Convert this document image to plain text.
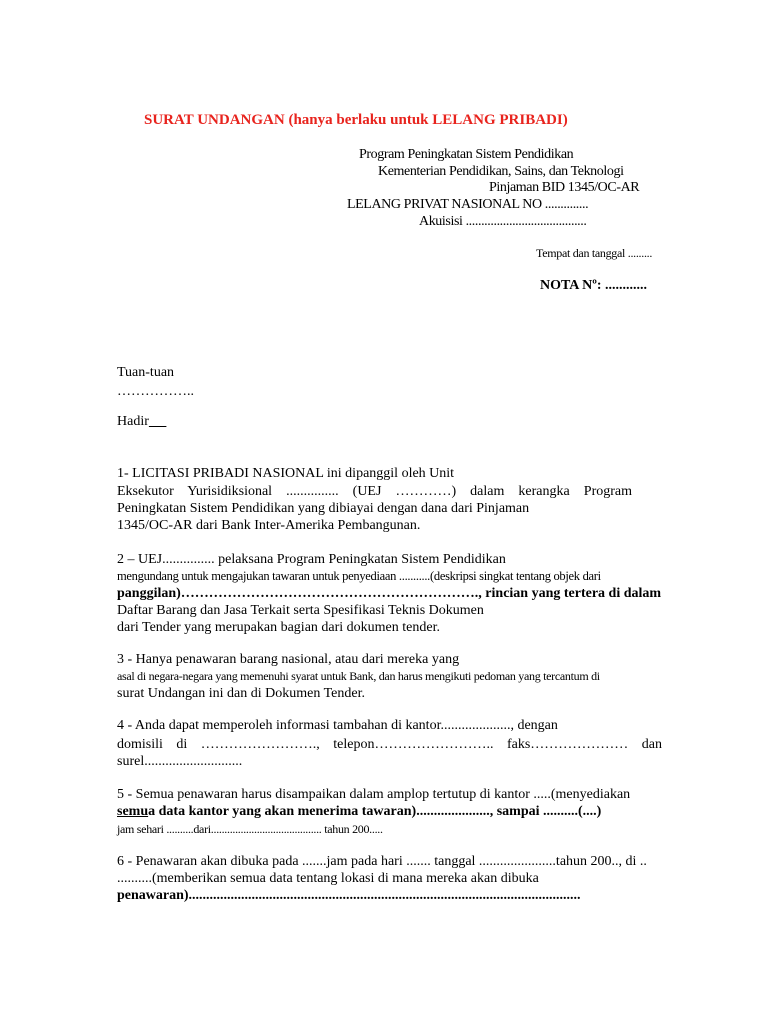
SURAT UNDANGAN (hanya berlaku untuk LELANG PRIBADI)
Program Peningkatan Sistem Pendidikan
Kementerian Pendidikan, Sains, dan Teknologi
Pinjaman BID 1345/OC-AR
LELANG PRIVAT NASIONAL NO ..............
Akuisisi .......................................
Tempat dan tanggal .........
NOTA Nº: ............
Tuan-tuan
……………..
Hadir
1- LICITASI PRIBADI NASIONAL ini dipanggil oleh Unit
Eksekutor Yurisidiksional ............... (UEJ …………) dalam kerangka Program
Peningkatan Sistem Pendidikan yang dibiayai dengan dana dari Pinjaman
1345/OC-AR dari Bank Inter-Amerika Pembangunan.
2 – UEJ............... pelaksana Program Peningkatan Sistem Pendidikan
mengundang untuk mengajukan tawaran untuk penyediaan ...........(deskripsi singkat tentang objek dari
panggilan)………………………………………………………., rincian yang tertera di dalam
Daftar Barang dan Jasa Terkait serta Spesifikasi Teknis Dokumen
dari Tender yang merupakan bagian dari dokumen tender.
3 - Hanya penawaran barang nasional, atau dari mereka yang
asal di negara-negara yang memenuhi syarat untuk Bank, dan harus mengikuti pedoman yang tercantum di
surat Undangan ini dan di Dokumen Tender.
4 - Anda dapat memperoleh informasi tambahan di kantor...................., dengan
domisili di ……………………., telepon…………………….. faks………………… dan
surel............................
5 - Semua penawaran harus disampaikan dalam amplop tertutup di kantor .....(menyediakan
semua data kantor yang akan menerima tawaran)....................., sampai ..........(....)
jam sehari ..........dari......................................... tahun 200.....
6 - Penawaran akan dibuka pada .......jam pada hari ....... tanggal ......................tahun 200.., di ..
..........(memberikan semua data tentang lokasi di mana mereka akan dibuka
penawaran)................................................................................................................
